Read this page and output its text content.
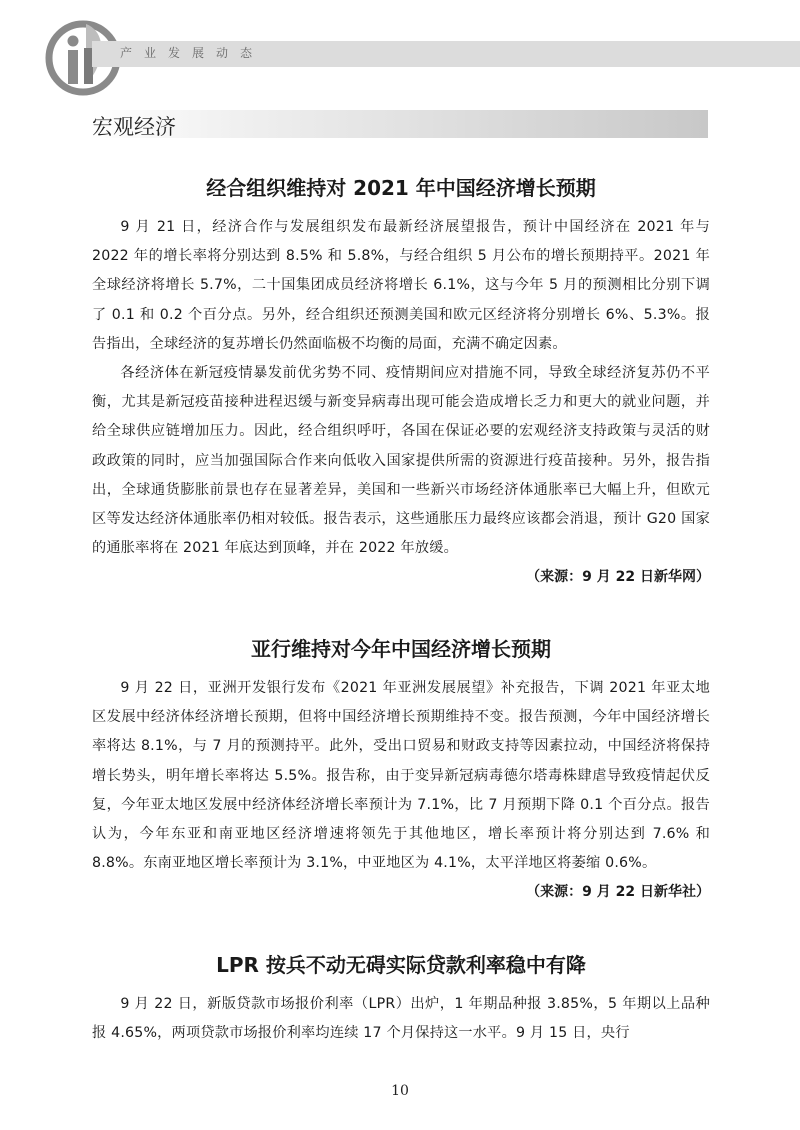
产业发展动态
宏观经济
经合组织维持对 2021 年中国经济增长预期

9 月 21 日，经济合作与发展组织发布最新经济展望报告，预计中国经济在 2021 年与 2022 年的增长率将分别达到 8.5% 和 5.8%，与经合组织 5 月公布的增长预期持平。2021 年全球经济将增长 5.7%，二十国集团成员经济将增长 6.1%，这与今年 5 月的预测相比分别下调了 0.1 和 0.2 个百分点。另外，经合组织还预测美国和欧元区经济将分别增长 6%、5.3%。报告指出，全球经济的复苏增长仍然面临极不均衡的局面，充满不确定因素。

各经济体在新冠疫情暴发前优劣势不同、疫情期间应对措施不同，导致全球经济复苏仍不平衡，尤其是新冠疫苗接种进程迟缓与新变异病毒出现可能会造成增长乏力和更大的就业问题，并给全球供应链增加压力。因此，经合组织呼吁，各国在保证必要的宏观经济支持政策与灵活的财政政策的同时，应当加强国际合作来向低收入国家提供所需的资源进行疫苗接种。另外，报告指出，全球通货膨胀前景也存在显著差异，美国和一些新兴市场经济体通胀率已大幅上升，但欧元区等发达经济体通胀率仍相对较低。报告表示，这些通胀压力最终应该都会消退，预计 G20 国家的通胀率将在 2021 年底达到顶峰，并在 2022 年放缓。

（来源：9 月 22 日新华网）

亚行维持对今年中国经济增长预期

9 月 22 日，亚洲开发银行发布《2021 年亚洲发展展望》补充报告，下调 2021 年亚太地区发展中经济体经济增长预期，但将中国经济增长预期维持不变。报告预测，今年中国经济增长率将达 8.1%，与 7 月的预测持平。此外，受出口贸易和财政支持等因素拉动，中国经济将保持增长势头，明年增长率将达 5.5%。报告称，由于变异新冠病毒德尔塔毒株肆虐导致疫情起伏反复，今年亚太地区发展中经济体经济增长率预计为 7.1%，比 7 月预期下降 0.1 个百分点。报告认为，今年东亚和南亚地区经济增速将领先于其他地区，增长率预计将分别达到 7.6% 和 8.8%。东南亚地区增长率预计为 3.1%，中亚地区为 4.1%，太平洋地区将萎缩 0.6%。

（来源：9 月 22 日新华社）

LPR 按兵不动无碍实际贷款利率稳中有降

9 月 22 日，新版贷款市场报价利率（LPR）出炉，1 年期品种报 3.85%，5 年期以上品种报 4.65%，两项贷款市场报价利率均连续 17 个月保持这一水平。9 月 15 日，央行

10
